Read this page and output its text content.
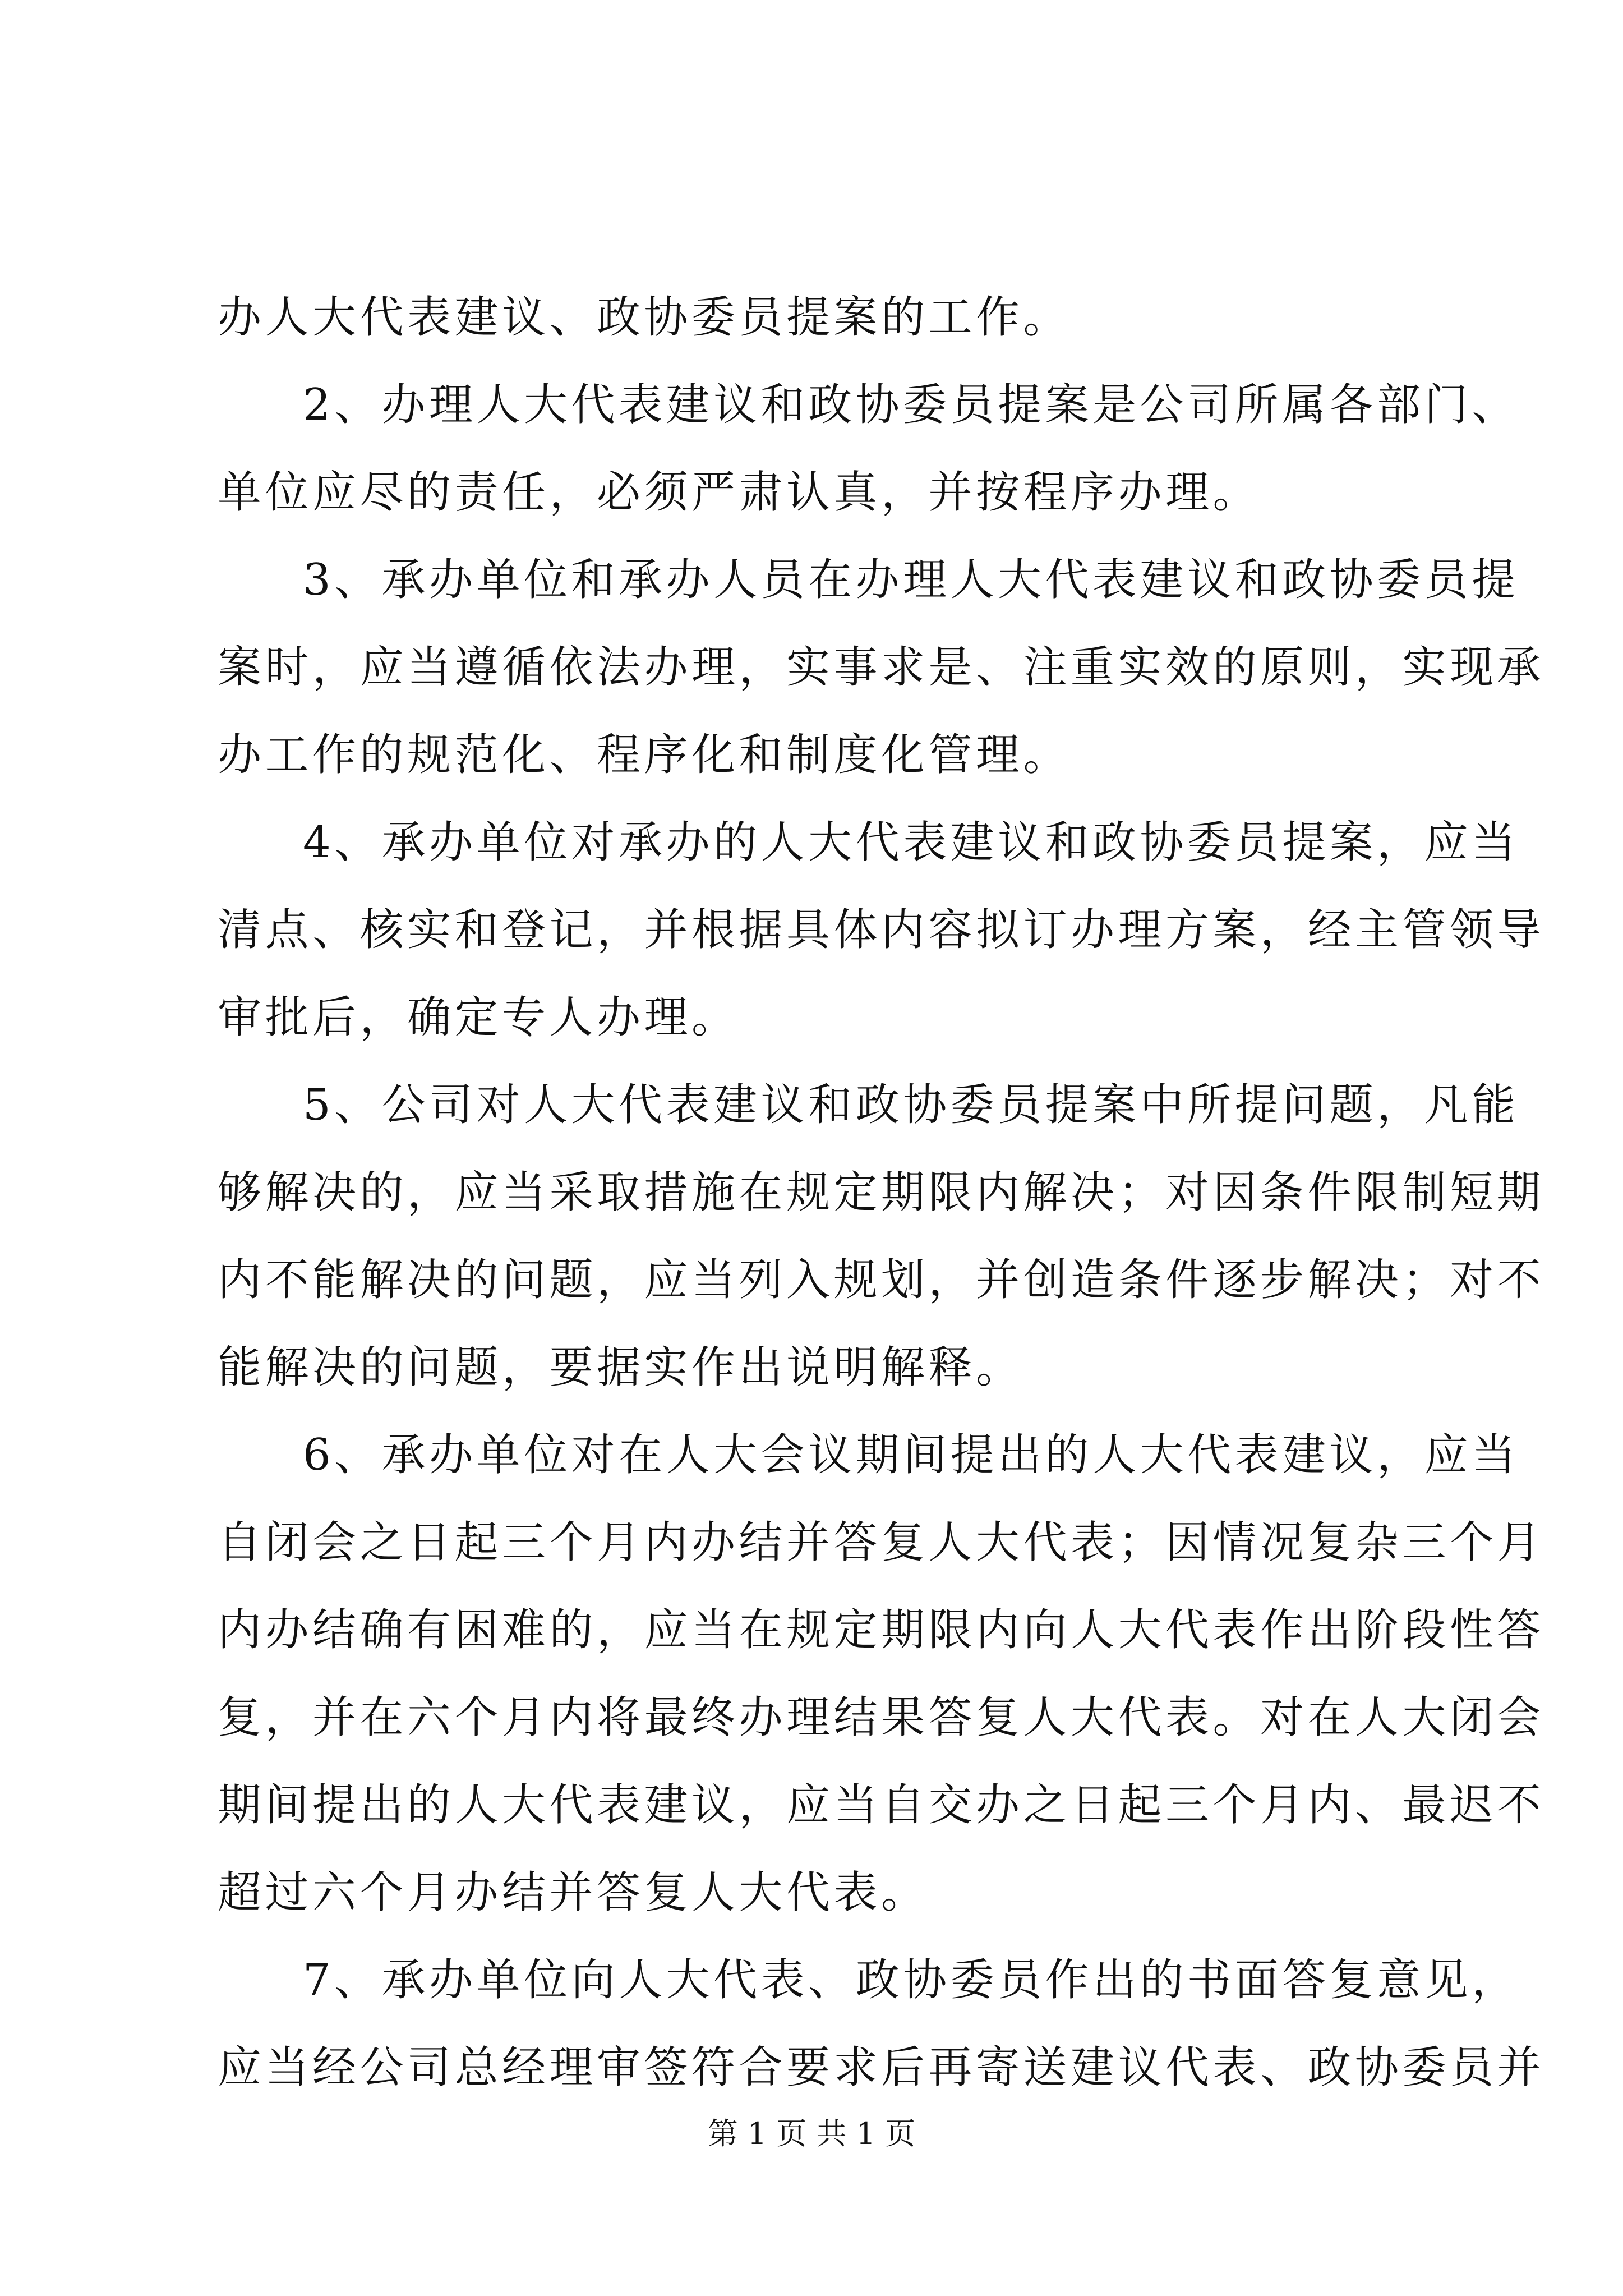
办人大代表建议、政协委员提案的工作。
2、办理人大代表建议和政协委员提案是公司所属各部门、
单位应尽的责任，必须严肃认真，并按程序办理。
3、承办单位和承办人员在办理人大代表建议和政协委员提
案时，应当遵循依法办理，实事求是、注重实效的原则，实现承
办工作的规范化、程序化和制度化管理。
4、承办单位对承办的人大代表建议和政协委员提案，应当
清点、核实和登记，并根据具体内容拟订办理方案，经主管领导
审批后，确定专人办理。
5、公司对人大代表建议和政协委员提案中所提问题，凡能
够解决的，应当采取措施在规定期限内解决；对因条件限制短期
内不能解决的问题，应当列入规划，并创造条件逐步解决；对不
能解决的问题，要据实作出说明解释。
6、承办单位对在人大会议期间提出的人大代表建议，应当
自闭会之日起三个月内办结并答复人大代表；因情况复杂三个月
内办结确有困难的，应当在规定期限内向人大代表作出阶段性答
复，并在六个月内将最终办理结果答复人大代表。对在人大闭会
期间提出的人大代表建议，应当自交办之日起三个月内、最迟不
超过六个月办结并答复人大代表。
7、承办单位向人大代表、政协委员作出的书面答复意见，
应当经公司总经理审签符合要求后再寄送建议代表、政协委员并
第 1 页 共 1 页
